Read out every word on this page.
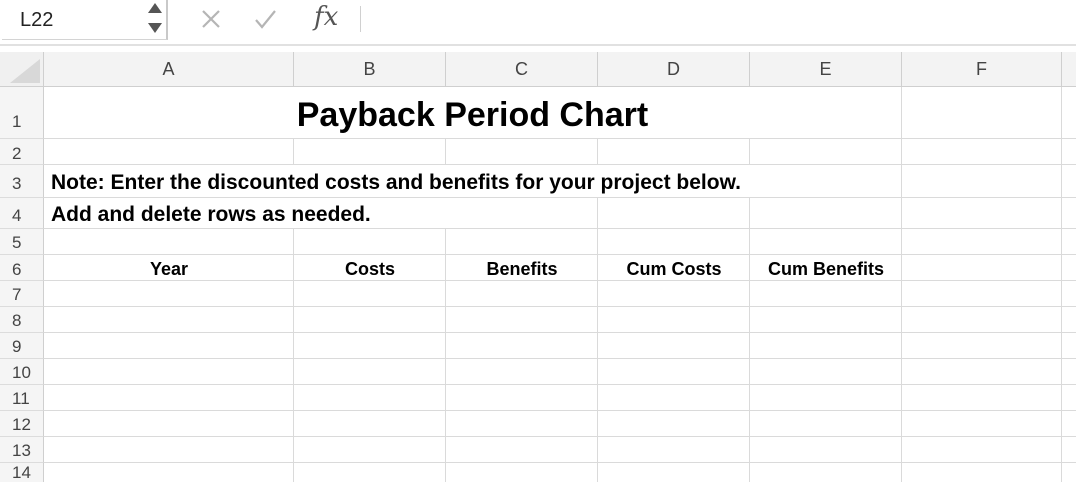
L22	fx
A	B	C	D	E	F
1
2
3
4
5
6
7
8
9
10
11
12
13
14
Payback Period Chart
Note: Enter the discounted costs and benefits for your project below.
Add and delete rows as needed.
Year	Costs	Benefits	Cum Costs	Cum Benefits
